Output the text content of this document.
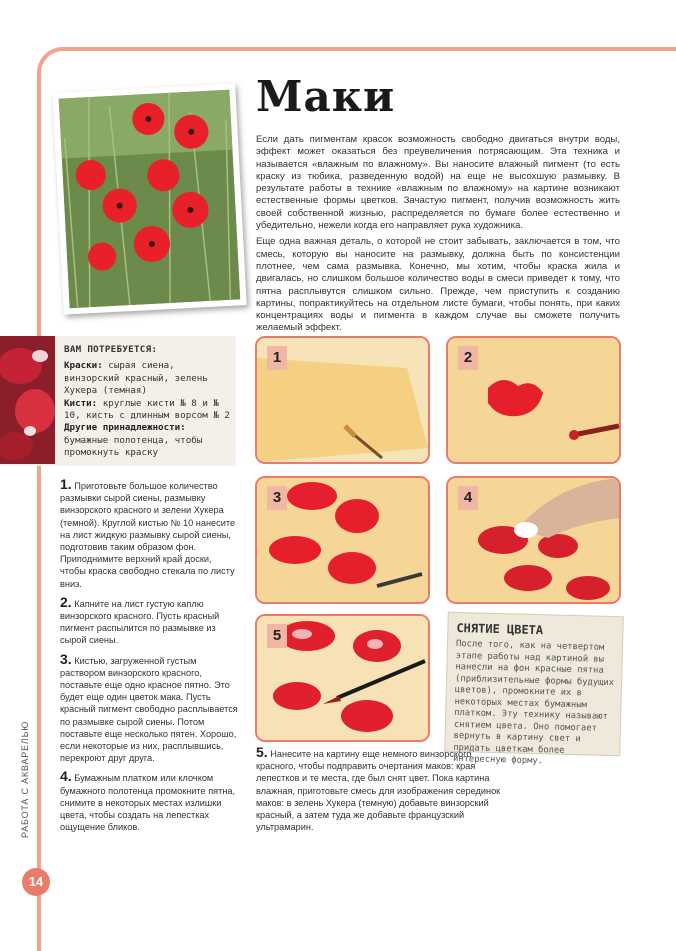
Маки

Если дать пигментам красок возможность свободно двигаться внутри воды, эффект может оказаться без преувеличения потрясающим. Эта техника и называется «влажным по влажному». Вы наносите влажный пигмент (то есть краску из тюбика, разведенную водой) на еще не высохшую размывку. В результате работы в технике «влажным по влажному» на картине возникают естественные формы цветков. Зачастую пигмент, получив возможность жить своей собственной жизнью, распределяется по бумаге более естественно и убедительно, нежели когда его направляет рука художника.

Еще одна важная деталь, о которой не стоит забывать, заключается в том, что смесь, которую вы наносите на размывку, должна быть по консистенции плотнее, чем сама размывка. Конечно, мы хотим, чтобы краска жила и двигалась, но слишком большое количество воды в смеси приведет к тому, что пятна расплывутся слишком сильно. Прежде, чем приступить к созданию картины, попрактикуйтесь на отдельном листе бумаги, чтобы понять, при каких концентрациях воды и пигмента в каждом случае вы сможете получить желаемый эффект.

ВАМ ПОТРЕБУЕТСЯ:
Краски: сырая сиена, винзорский красный, зелень Хукера (темная)
Кисти: круглые кисти № 8 и № 10, кисть с длинным ворсом № 2
Другие принадлежности: бумажные полотенца, чтобы промокнуть краску
1. Приготовьте большое количество размывки сырой сиены, размывку винзорского красного и зелени Хукера (темной). Круглой кистью № 10 нанесите на лист жидкую размывку сырой сиены, подготовив таким образом фон. Приподнимите верхний край доски, чтобы краска свободно стекала по листу вниз.
2. Капните на лист густую каплю винзорского красного. Пусть красный пигмент распылится по размывке из сырой сиены.
3. Кистью, загруженной густым раствором винзорского красного, поставьте еще одно красное пятно. Это будет еще один цветок мака. Пусть красный пигмент свободно расплывается по размывке сырой сиены. Потом поставьте еще несколько пятен. Хорошо, если некоторые из них, расплывшись, перекроют друг друга.
4. Бумажным платком или клочком бумажного полотенца промокните пятна, снимите в некоторых местах излишки цвета, чтобы создать на лепестках ощущение бликов.
1	2
3	4
5	СНЯТИЕ ЦВЕТА
После того, как на четвертом этапе работы над картиной вы нанесли на фон красные пятна (приблизительные формы будущих цветов), промокните их в некоторых местах бумажным платком. Эту технику называют снятием цвета. Оно помогает вернуть в картину свет и придать цветкам более интересную форму.
5. Нанесите на картину еще немного винзорского красного, чтобы подправить очертания маков: края лепестков и те места, где был снят цвет. Пока картина влажная, приготовьте смесь для изображения серединок маков: в зелень Хукера (темную) добавьте винзорский красный, а затем туда же добавьте французский ультрамарин.
РАБОТА С АКВАРЕЛЬЮ
14
